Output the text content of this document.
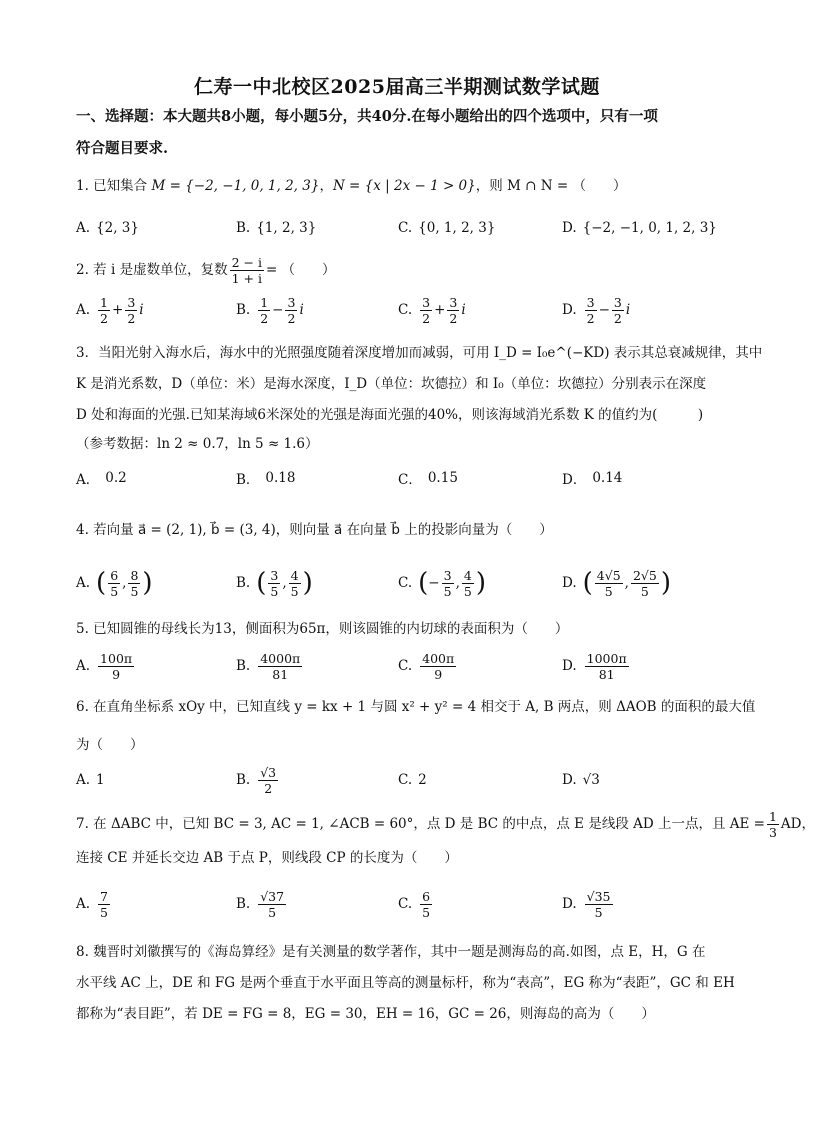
仁寿一中北校区2025届高三半期测试数学试题
一、选择题：本大题共8小题，每小题5分，共40分.在每小题给出的四个选项中，只有一项
符合题目要求.
1. 已知集合 M = {−2, −1, 0, 1, 2, 3}，N = {x | 2x − 1 > 0}，则 M ∩ N = （　　）
A. {2, 3}	B. {1, 2, 3}	C. {0, 1, 2, 3}	D. {−2, −1, 0, 1, 2, 3}
2. 若 i 是虚数单位，复数 $\frac{2 - i}{1 + i}$ = （　　）
A. $\frac{1}{2} + \frac{3}{2}$ i	B. $\frac{1}{2} - \frac{3}{2}$ i	C. $\frac{3}{2} + \frac{3}{2}$ i	D. $\frac{3}{2} - \frac{3}{2}$ i
3．当阳光射入海水后，海水中的光照强度随着深度增加而减弱，可用 I_D = I₀e^(−KD) 表示其总衰减规律，其中
K 是消光系数，D（单位：米）是海水深度，I_D（单位：坎德拉）和 I₀（单位：坎德拉）分别表示在深度
D 处和海面的光强.已知某海域6米深处的光强是海面光强的40%，则该海域消光系数 K 的值约为(　　　)
（参考数据：ln 2 ≈ 0.7，ln 5 ≈ 1.6）
A． 0.2	B． 0.18	C． 0.15	D． 0.14
4. 若向量 a⃗ = (2, 1), b⃗ = (3, 4)，则向量 a⃗ 在向量 b⃗ 上的投影向量为（　　）
A. ( $\frac{6}{5}$ , $\frac{8}{5}$ )	B. ( $\frac{3}{5}$ , $\frac{4}{5}$ )	C. ( − $\frac{3}{5}$ , $\frac{4}{5}$ )	D. ( $\frac{4√5}{5}$ , $\frac{2√5}{5}$ )
5. 已知圆锥的母线长为13，侧面积为65π，则该圆锥的内切球的表面积为（　　）
A. $\frac{100\pi}{9}$	B. $\frac{4000\pi}{81}$	C. $\frac{400\pi}{9}$	D. $\frac{1000\pi}{81}$
6. 在直角坐标系 xOy 中，已知直线 y = kx + 1 与圆 x² + y² = 4 相交于 A, B 两点，则 ΔAOB 的面积的最大值
为（　　）
A. 1	B. $\frac{√3}{2}$	C. 2	D. √3
7. 在 ΔABC 中，已知 BC = 3, AC = 1, ∠ACB = 60°，点 D 是 BC 的中点，点 E 是线段 AD 上一点，且 AE = $\frac{1}{3}$ AD，
连接 CE 并延长交边 AB 于点 P，则线段 CP 的长度为（　　）
A. $\frac{7}{5}$	B. $\frac{√37}{5}$	C. $\frac{6}{5}$	D. $\frac{√35}{5}$
8. 魏晋时刘徽撰写的《海岛算经》是有关测量的数学著作，其中一题是测海岛的高.如图，点 E，H，G 在
水平线 AC 上，DE 和 FG 是两个垂直于水平面且等高的测量标杆，称为“表高”，EG 称为“表距”，GC 和 EH
都称为“表目距”，若 DE = FG = 8，EG = 30，EH = 16，GC = 26，则海岛的高为（　　）
